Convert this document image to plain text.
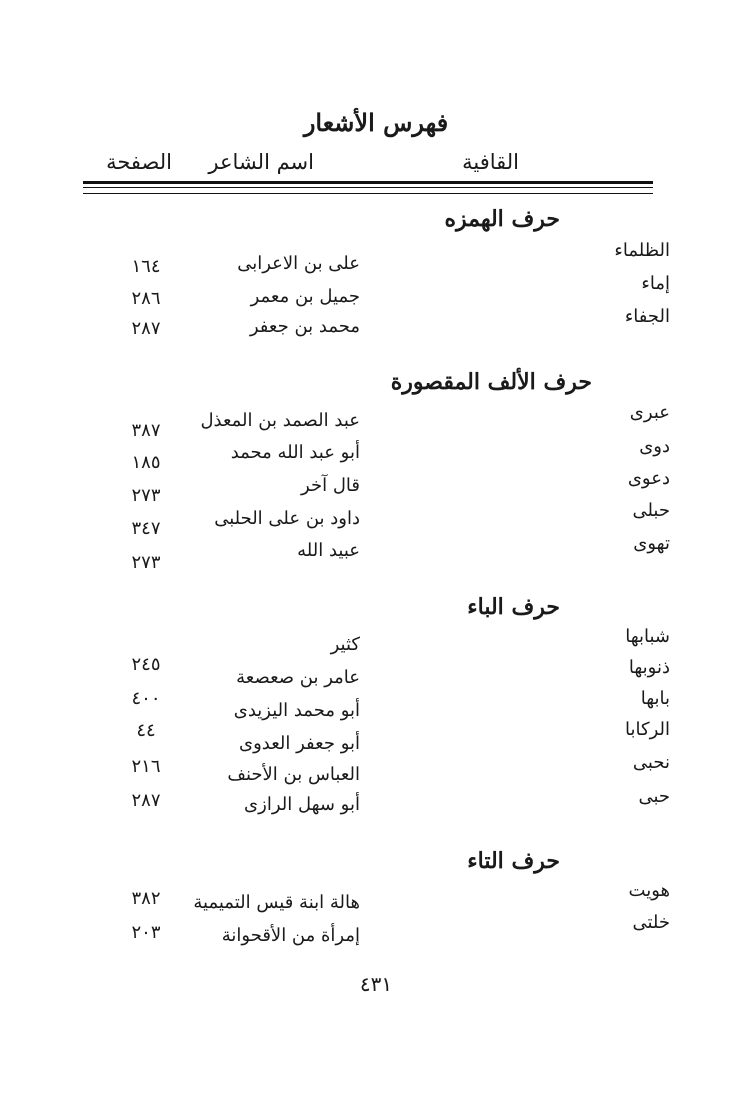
فهرس الأشعار
القافية
اسم الشاعر
الصفحة
حرف الهمزه
الظلماء
على بن الاعرابى
١٦٤
إماء
جميل بن معمر
٢٨٦
الجفاء
محمد بن جعفر
٢٨٧
حرف الألف المقصورة
عبرى
عبد الصمد بن المعذل
٣٨٧
دوى
أبو عبد الله محمد
١٨٥
دعوى
قال آخر
٢٧٣
حبلى
داود بن على الحلبى
٣٤٧
تهوى
عبيد الله
٢٧٣
حرف الباء
شبابها
كثير
ذنوبها
عامر بن صعصعة
٢٤٥
بابها
أبو محمد اليزيدى
٤٠٠
الركابا
أبو جعفر العدوى
٤٤
نحبى
العباس بن الأحنف
٢١٦
حبى
أبو سهل الرازى
٢٨٧
حرف التاء
هويت
هالة ابنة قيس التميمية
٣٨٢
خلتى
إمرأة من الأقحوانة
٢٠٣
٤٣١
